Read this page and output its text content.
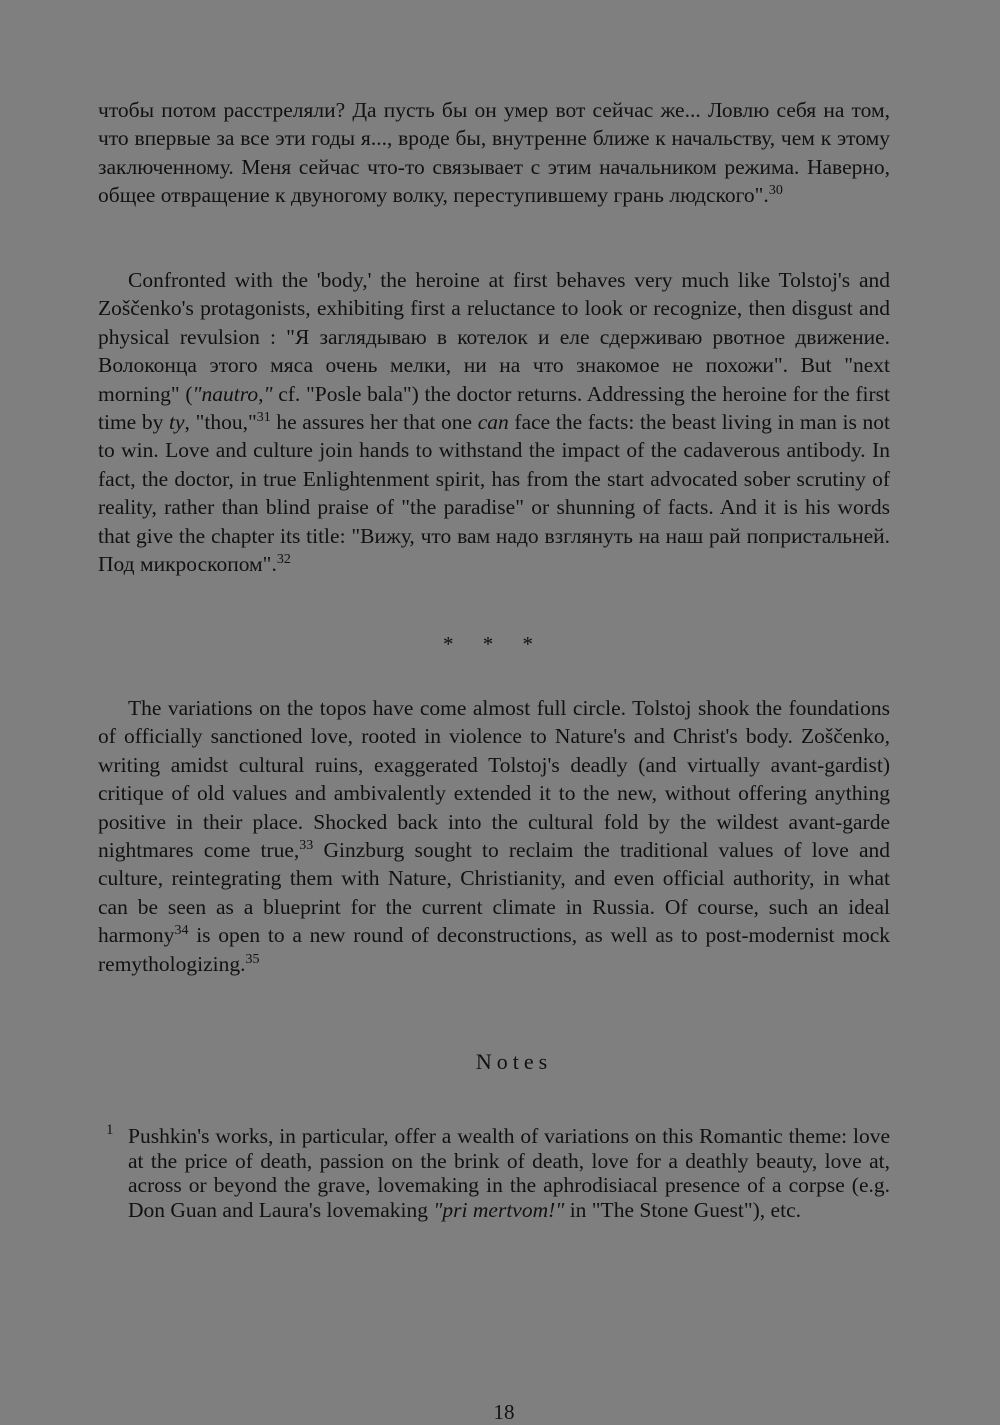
чтобы потом расстреляли? Да пусть бы он умер вот сейчас же... Ловлю себя на том, что впервые за все эти годы я..., вроде бы, внутренне ближе к начальству, чем к этому заключенному. Меня сейчас что-то связывает с этим начальником режима. Наверно, общее отвращение к двуногому волку, переступившему грань людского".$^{30}$

Confronted with the 'body,' the heroine at first behaves very much like Tolstoj's and Zoščenko's protagonists, exhibiting first a reluctance to look or recognize, then disgust and physical revulsion : "Я заглядываю в котелок и еле сдерживаю рвотное движение. Волоконца этого мяса очень мелки, ни на что знакомое не похожи". But "next morning" ("nautro," cf. "Posle bala") the doctor returns. Addressing the heroine for the first time by ty, "thou,"$^{31}$ he assures her that one can face the facts: the beast living in man is not to win. Love and culture join hands to withstand the impact of the cadaverous antibody. In fact, the doctor, in true Enlightenment spirit, has from the start advocated sober scrutiny of reality, rather than blind praise of "the paradise" or shunning of facts. And it is his words that give the chapter its title: "Вижу, что вам надо взглянуть на наш рай попристальней. Под микроскопом".$^{32}$

* * *

The variations on the topos have come almost full circle. Tolstoj shook the foundations of officially sanctioned love, rooted in violence to Nature's and Christ's body. Zoščenko, writing amidst cultural ruins, exaggerated Tolstoj's deadly (and virtually avant-gardist) critique of old values and ambivalently extended it to the new, without offering anything positive in their place. Shocked back into the cultural fold by the wildest avant-garde nightmares come true,$^{33}$ Ginzburg sought to reclaim the traditional values of love and culture, reintegrating them with Nature, Christianity, and even official authority, in what can be seen as a blueprint for the current climate in Russia. Of course, such an ideal harmony$^{34}$ is open to a new round of deconstructions, as well as to post-modernist mock remythologizing.$^{35}$

Notes
1 Pushkin's works, in particular, offer a wealth of variations on this Romantic theme: love at the price of death, passion on the brink of death, love for a deathly beauty, love at, across or beyond the grave, lovemaking in the aphrodisiacal presence of a corpse (e.g. Don Guan and Laura's lovemaking "pri mertvom!" in "The Stone Guest"), etc.
18
